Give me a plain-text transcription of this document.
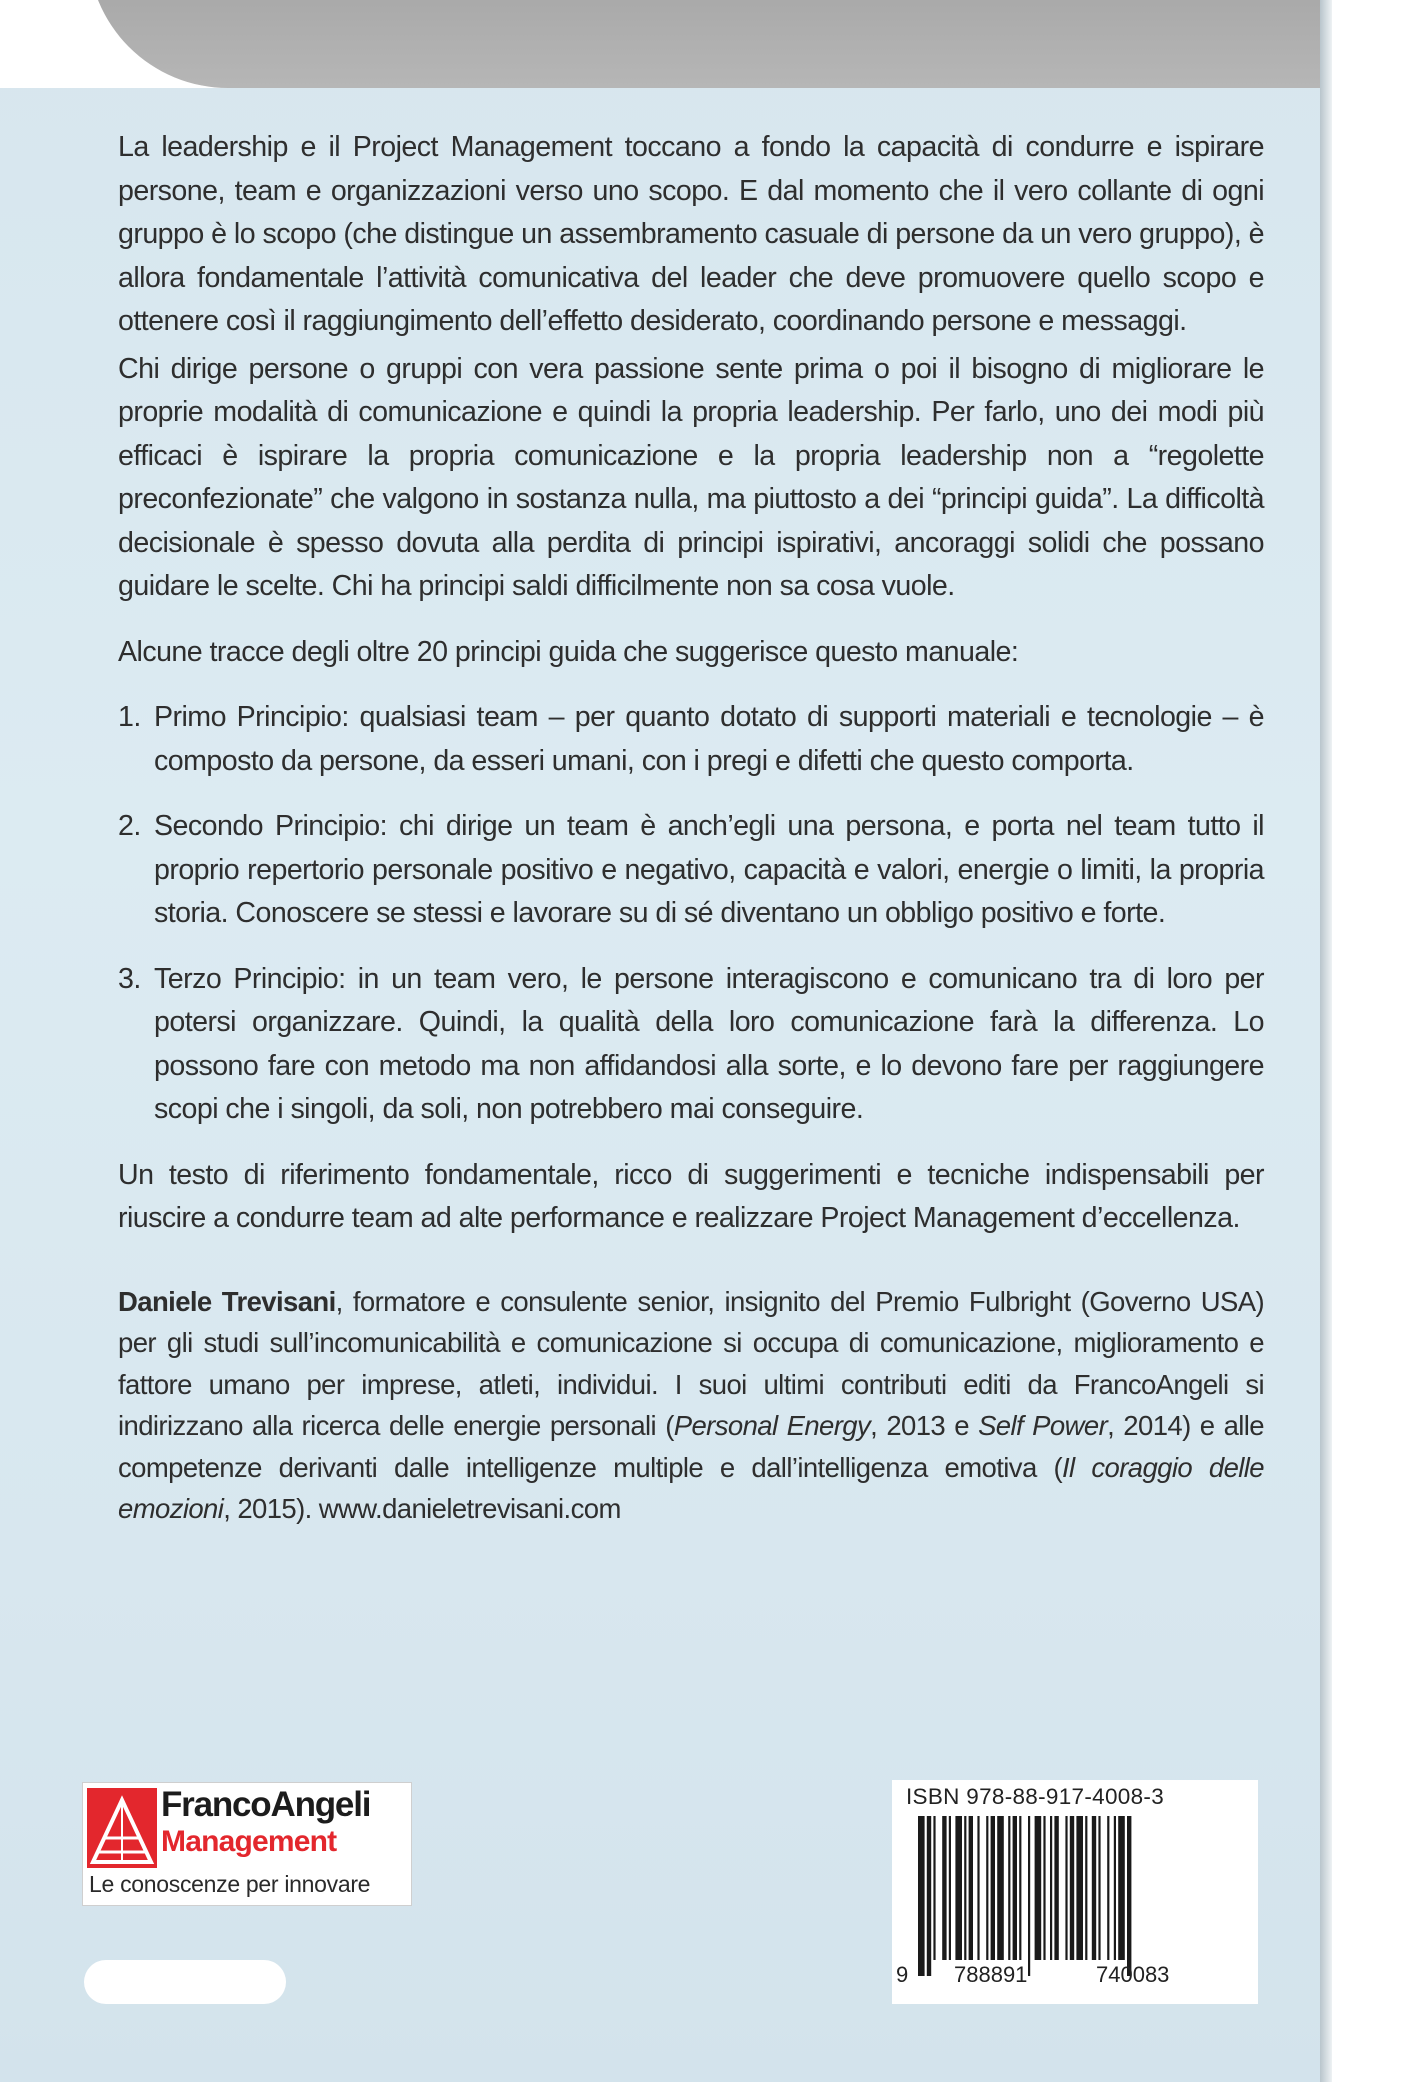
La leadership e il Project Management toccano a fondo la capacità di condurre e ispirare persone, team e organizzazioni verso uno scopo. E dal momento che il vero collante di ogni gruppo è lo scopo (che distingue un assembramento casuale di persone da un vero gruppo), è allora fondamentale l’attività comunicativa del leader che deve promuovere quello scopo e ottenere così il raggiungimento dell’effetto desiderato, coordinando persone e messaggi.

Chi dirige persone o gruppi con vera passione sente prima o poi il bisogno di migliorare le proprie modalità di comunicazione e quindi la propria leadership. Per farlo, uno dei modi più efficaci è ispirare la propria comunicazione e la propria leadership non a “regolette preconfezionate” che valgono in sostanza nulla, ma piuttosto a dei “principi guida”. La difficoltà decisionale è spesso dovuta alla perdita di principi ispirativi, ancoraggi solidi che possano guidare le scelte. Chi ha principi saldi difficilmente non sa cosa vuole.

Alcune tracce degli oltre 20 principi guida che suggerisce questo manuale:

1. Primo Principio: qualsiasi team – per quanto dotato di supporti materiali e tecnologie – è composto da persone, da esseri umani, con i pregi e difetti che questo comporta.
2. Secondo Principio: chi dirige un team è anch’egli una persona, e porta nel team tutto il proprio repertorio personale positivo e negativo, capacità e valori, energie o limiti, la propria storia. Conoscere se stessi e lavorare su di sé diventano un obbligo positivo e forte.
3. Terzo Principio: in un team vero, le persone interagiscono e comunicano tra di loro per potersi organizzare. Quindi, la qualità della loro comunicazione farà la differenza. Lo possono fare con metodo ma non affidandosi alla sorte, e lo devono fare per raggiungere scopi che i singoli, da soli, non potrebbero mai conseguire.

Un testo di riferimento fondamentale, ricco di suggerimenti e tecniche indispensabili per riuscire a condurre team ad alte performance e realizzare Project Management d’eccellenza.

Daniele Trevisani, formatore e consulente senior, insignito del Premio Fulbright (Governo USA) per gli studi sull’incomunicabilità e comunicazione si occupa di comunicazione, miglioramento e fattore umano per imprese, atleti, individui. I suoi ultimi contributi editi da FrancoAngeli si indirizzano alla ricerca delle energie personali (Personal Energy, 2013 e Self Power, 2014) e alle competenze derivanti dalle intelligenze multiple e dall’intelligenza emotiva (Il coraggio delle emozioni, 2015). www.danieletrevisani.com

FrancoAngeli
Management
Le conoscenze per innovare
ISBN 978-88-917-4008-3
9 788891	740083
